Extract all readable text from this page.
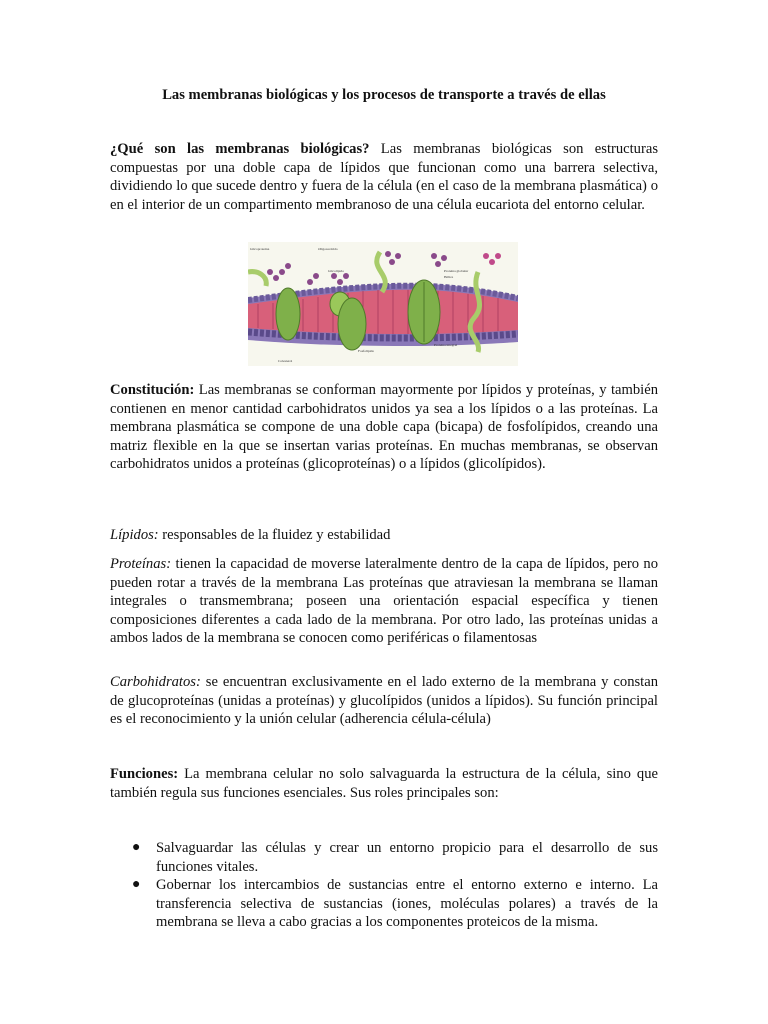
Las membranas biológicas y los procesos de transporte a través de ellas

¿Qué son las membranas biológicas? Las membranas biológicas son estructuras compuestas por una doble capa de lípidos que funcionan como una barrera selectiva, dividiendo lo que sucede dentro y fuera de la célula (en el caso de la membrana plasmática) o en el interior de un compartimento membranoso de una célula eucariota del entorno celular.

Glicoproteína	Oligosacárido
Glicolípido	Proteína globular
Hélice
Colesterol
Fosfolípido
Proteína integral

Constitución: Las membranas se conforman mayormente por lípidos y proteínas, y también contienen en menor cantidad carbohidratos unidos ya sea a los lípidos o a las proteínas. La membrana plasmática se compone de una doble capa (bicapa) de fosfolípidos, creando una matriz flexible en la que se insertan varias proteínas. En muchas membranas, se observan carbohidratos unidos a proteínas (glicoproteínas) o a lípidos (glicolípidos).

Lípidos: responsables de la fluidez y estabilidad

Proteínas: tienen la capacidad de moverse lateralmente dentro de la capa de lípidos, pero no pueden rotar a través de la membrana Las proteínas que atraviesan la membrana se llaman integrales o transmembrana; poseen una orientación espacial específica y tienen composiciones diferentes a cada lado de la membrana. Por otro lado, las proteínas unidas a ambos lados de la membrana se conocen como periféricas o filamentosas

Carbohidratos: se encuentran exclusivamente en el lado externo de la membrana y constan de glucoproteínas (unidas a proteínas) y glucolípidos (unidos a lípidos). Su función principal es el reconocimiento y la unión celular (adherencia célula-célula)

Funciones: La membrana celular no solo salvaguarda la estructura de la célula, sino que también regula sus funciones esenciales. Sus roles principales son:

● Salvaguardar las células y crear un entorno propicio para el desarrollo de sus funciones vitales.
● Gobernar los intercambios de sustancias entre el entorno externo e interno. La transferencia selectiva de sustancias (iones, moléculas polares) a través de la membrana se lleva a cabo gracias a los componentes proteicos de la misma.
